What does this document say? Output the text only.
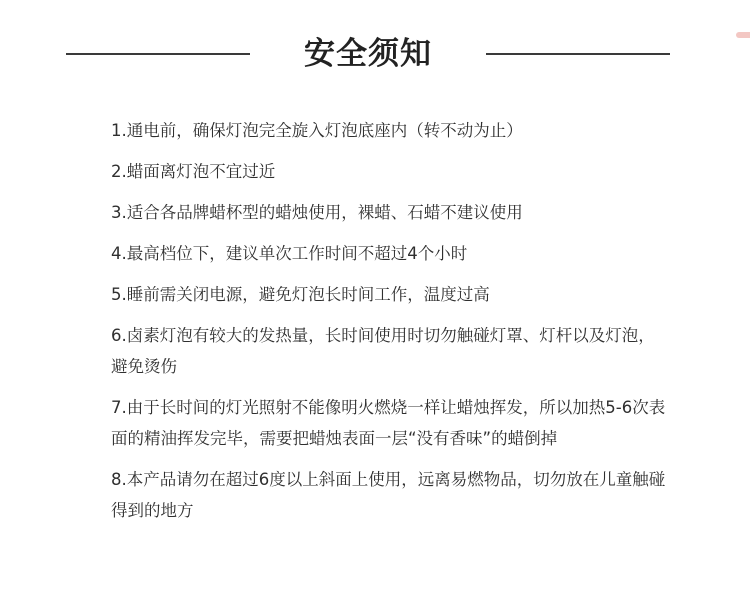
安全须知
1.通电前，确保灯泡完全旋入灯泡底座内（转不动为止）
2.蜡面离灯泡不宜过近
3.适合各品牌蜡杯型的蜡烛使用，裸蜡、石蜡不建议使用
4.最高档位下，建议单次工作时间不超过4个小时
5.睡前需关闭电源，避免灯泡长时间工作，温度过高
6.卤素灯泡有较大的发热量，长时间使用时切勿触碰灯罩、灯杆以及灯泡，避免烫伤
7.由于长时间的灯光照射不能像明火燃烧一样让蜡烛挥发，所以加热5-6次表面的精油挥发完毕，需要把蜡烛表面一层“没有香味”的蜡倒掉
8.本产品请勿在超过6度以上斜面上使用，远离易燃物品，切勿放在儿童触碰得到的地方
